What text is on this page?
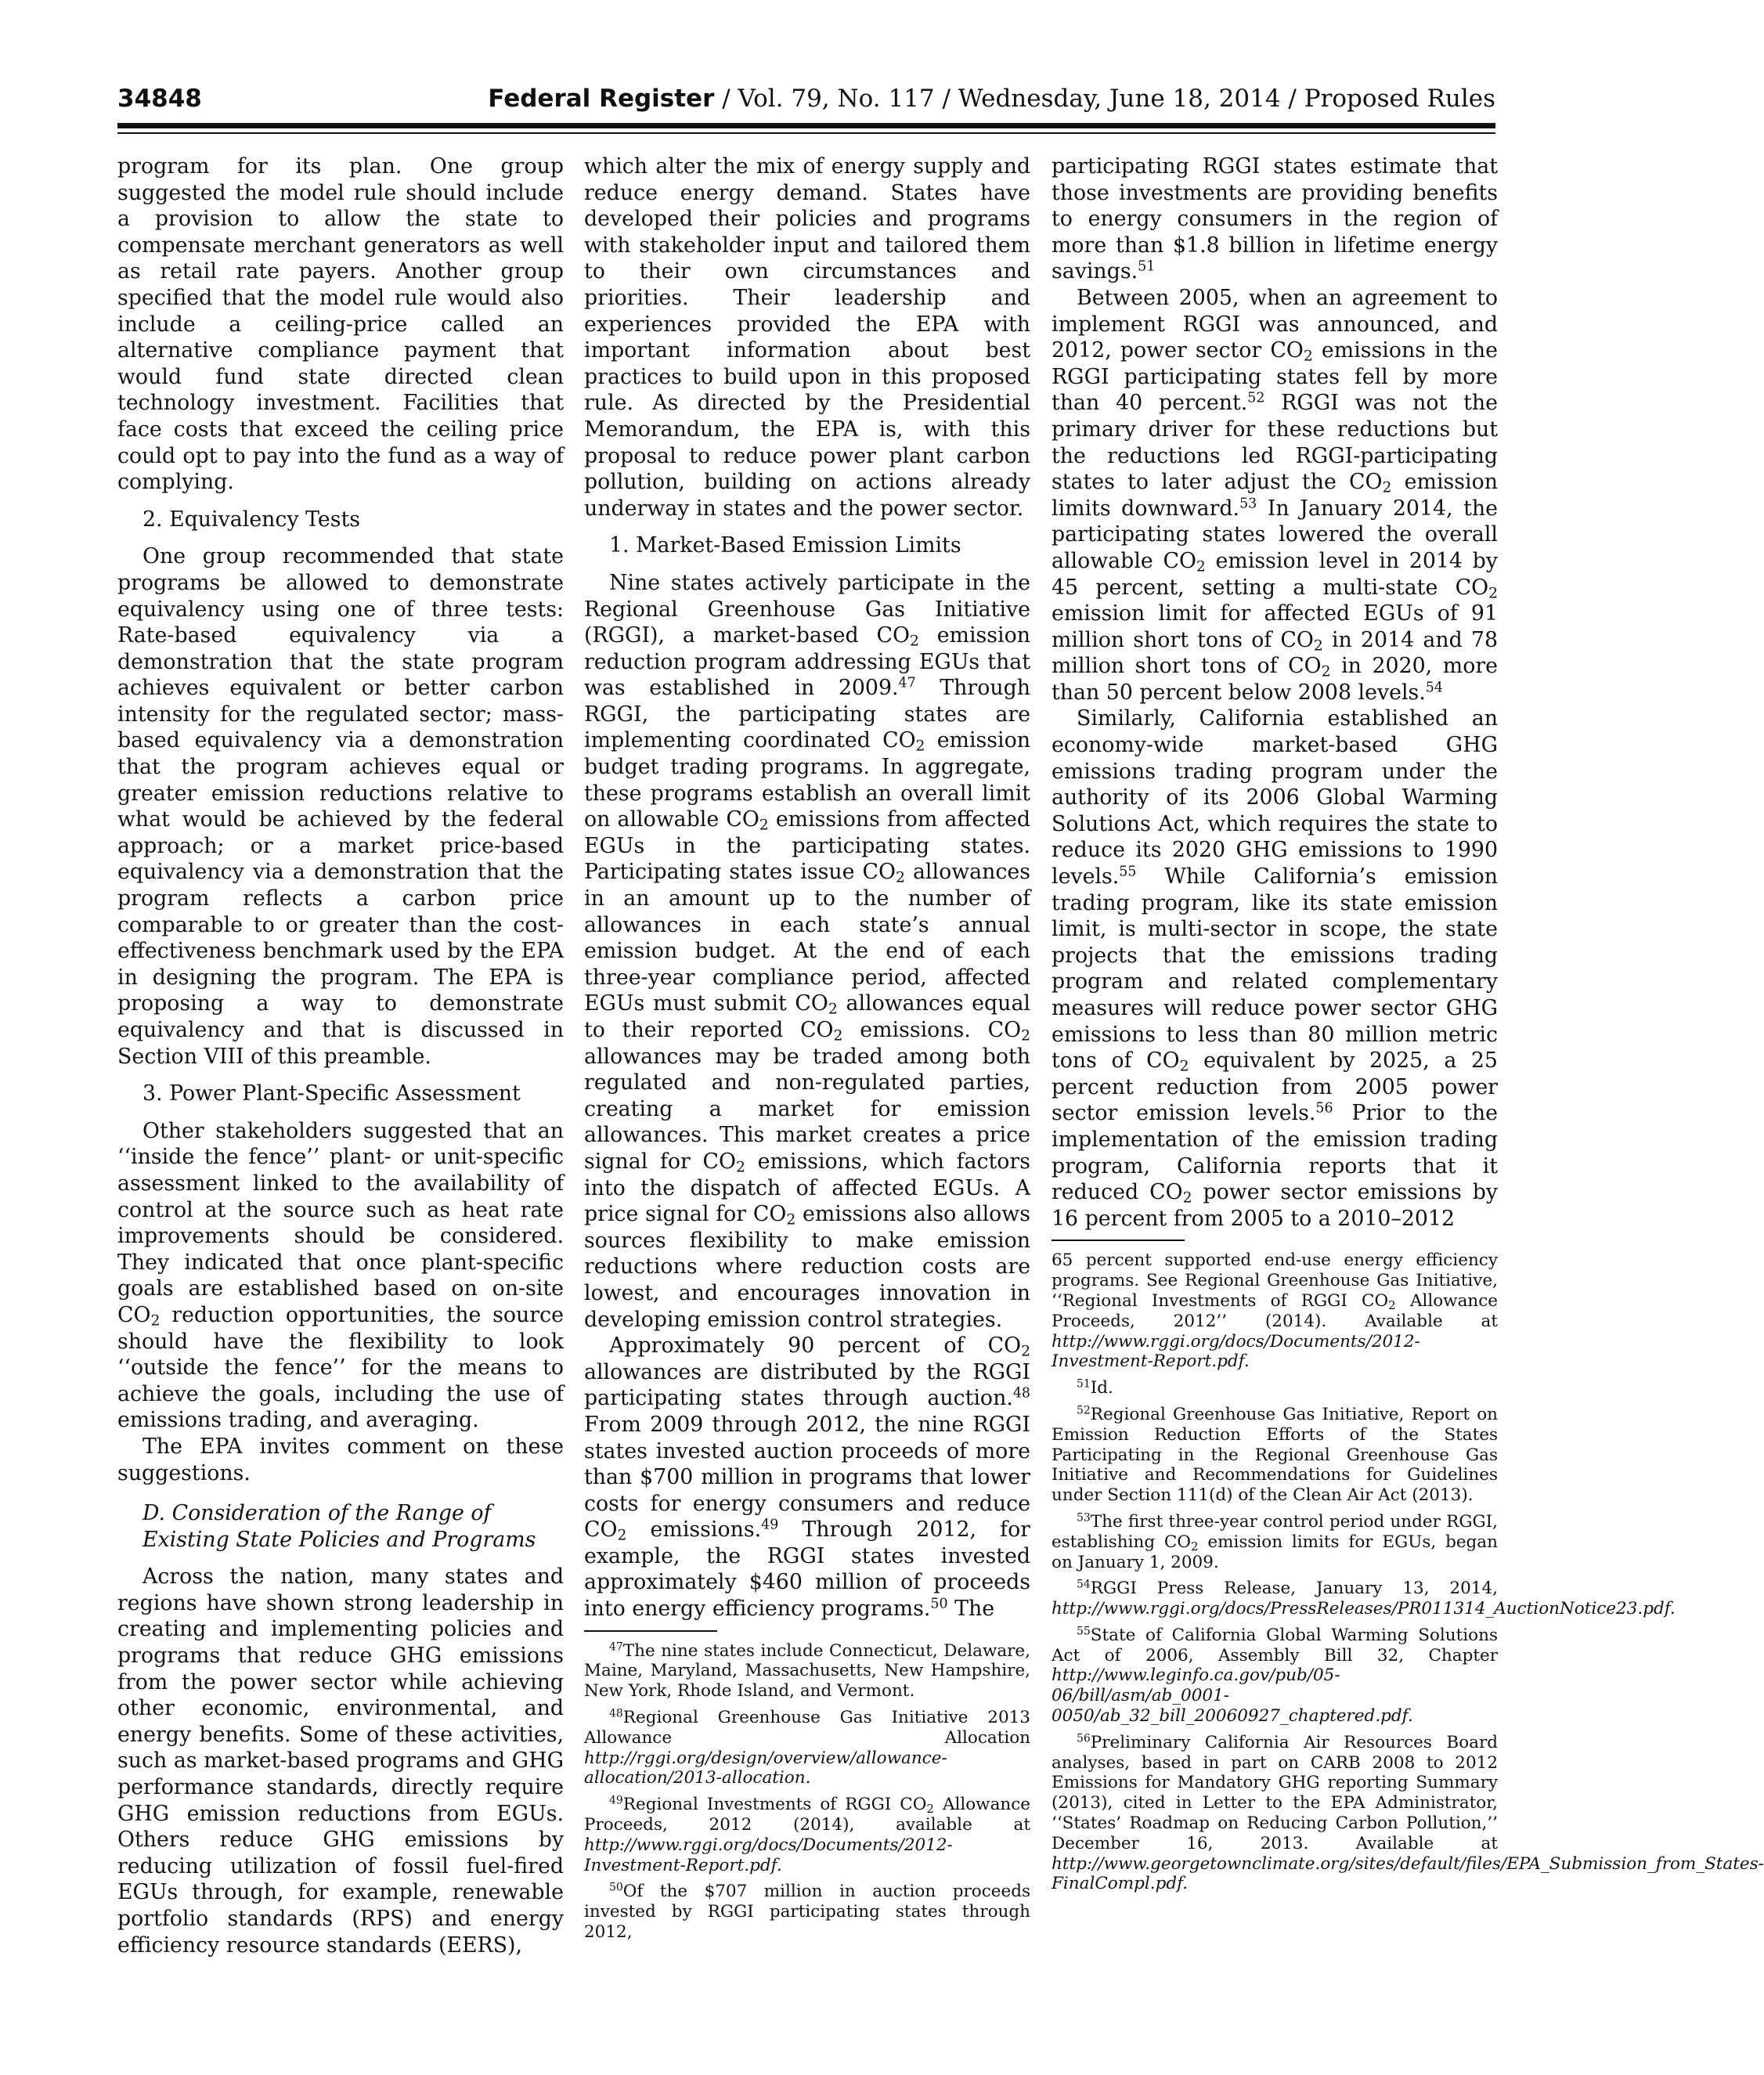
34848	Federal Register / Vol. 79, No. 117 / Wednesday, June 18, 2014 / Proposed Rules

program for its plan. One group suggested the model rule should include a provision to allow the state to compensate merchant generators as well as retail rate payers. Another group specified that the model rule would also include a ceiling-price called an alternative compliance payment that would fund state directed clean technology investment. Facilities that face costs that exceed the ceiling price could opt to pay into the fund as a way of complying.

2. Equivalency Tests

One group recommended that state programs be allowed to demonstrate equivalency using one of three tests: Rate-based equivalency via a demonstration that the state program achieves equivalent or better carbon intensity for the regulated sector; mass-based equivalency via a demonstration that the program achieves equal or greater emission reductions relative to what would be achieved by the federal approach; or a market price-based equivalency via a demonstration that the program reflects a carbon price comparable to or greater than the cost-effectiveness benchmark used by the EPA in designing the program. The EPA is proposing a way to demonstrate equivalency and that is discussed in Section VIII of this preamble.

3. Power Plant-Specific Assessment

Other stakeholders suggested that an ‘‘inside the fence’’ plant- or unit-specific assessment linked to the availability of control at the source such as heat rate improvements should be considered. They indicated that once plant-specific goals are established based on on-site $CO_2$ reduction opportunities, the source should have the flexibility to look ‘‘outside the fence’’ for the means to achieve the goals, including the use of emissions trading, and averaging.

The EPA invites comment on these suggestions.

D. Consideration of the Range of Existing State Policies and Programs

Across the nation, many states and regions have shown strong leadership in creating and implementing policies and programs that reduce GHG emissions from the power sector while achieving other economic, environmental, and energy benefits. Some of these activities, such as market-based programs and GHG performance standards, directly require GHG emission reductions from EGUs. Others reduce GHG emissions by reducing utilization of fossil fuel-fired EGUs through, for example, renewable portfolio standards (RPS) and energy efficiency resource standards (EERS),

which alter the mix of energy supply and reduce energy demand. States have developed their policies and programs with stakeholder input and tailored them to their own circumstances and priorities. Their leadership and experiences provided the EPA with important information about best practices to build upon in this proposed rule. As directed by the Presidential Memorandum, the EPA is, with this proposal to reduce power plant carbon pollution, building on actions already underway in states and the power sector.

1. Market-Based Emission Limits

Nine states actively participate in the Regional Greenhouse Gas Initiative (RGGI), a market-based $CO_2$ emission reduction program addressing EGUs that was established in 2009.47 Through RGGI, the participating states are implementing coordinated $CO_2$ emission budget trading programs. In aggregate, these programs establish an overall limit on allowable $CO_2$ emissions from affected EGUs in the participating states. Participating states issue $CO_2$ allowances in an amount up to the number of allowances in each state’s annual emission budget. At the end of each three-year compliance period, affected EGUs must submit $CO_2$ allowances equal to their reported $CO_2$ emissions. $CO_2$ allowances may be traded among both regulated and non-regulated parties, creating a market for emission allowances. This market creates a price signal for $CO_2$ emissions, which factors into the dispatch of affected EGUs. A price signal for $CO_2$ emissions also allows sources flexibility to make emission reductions where reduction costs are lowest, and encourages innovation in developing emission control strategies.

Approximately 90 percent of $CO_2$ allowances are distributed by the RGGI participating states through auction.$^{48}$ From 2009 through 2012, the nine RGGI states invested auction proceeds of more than $700 million in programs that lower costs for energy consumers and reduce $CO_2$ emissions.$^{49}$ Through 2012, for example, the RGGI states invested approximately $460 million of proceeds into energy efficiency programs.$^{50}$ The

$^{47}$The nine states include Connecticut, Delaware, Maine, Maryland, Massachusetts, New Hampshire, New York, Rhode Island, and Vermont.

$^{48}$Regional Greenhouse Gas Initiative 2013 Allowance Allocation http://rggi.org/design/overview/allowance-allocation/2013-allocation.

$^{49}$Regional Investments of RGGI $CO_2$ Allowance Proceeds, 2012 (2014), available at http://www.rggi.org/docs/Documents/2012-Investment-Report.pdf.

$^{50}$Of the $707 million in auction proceeds invested by RGGI participating states through 2012,

participating RGGI states estimate that those investments are providing benefits to energy consumers in the region of more than $1.8 billion in lifetime energy savings.$^{51}$

Between 2005, when an agreement to implement RGGI was announced, and 2012, power sector $CO_2$ emissions in the RGGI participating states fell by more than 40 percent.$^{52}$ RGGI was not the primary driver for these reductions but the reductions led RGGI-participating states to later adjust the $CO_2$ emission limits downward.$^{53}$ In January 2014, the participating states lowered the overall allowable $CO_2$ emission level in 2014 by 45 percent, setting a multi-state $CO_2$ emission limit for affected EGUs of 91 million short tons of $CO_2$ in 2014 and 78 million short tons of $CO_2$ in 2020, more than 50 percent below 2008 levels.$^{54}$

Similarly, California established an economy-wide market-based GHG emissions trading program under the authority of its 2006 Global Warming Solutions Act, which requires the state to reduce its 2020 GHG emissions to 1990 levels.$^{55}$ While California’s emission trading program, like its state emission limit, is multi-sector in scope, the state projects that the emissions trading program and related complementary measures will reduce power sector GHG emissions to less than 80 million metric tons of $CO_2$ equivalent by 2025, a 25 percent reduction from 2005 power sector emission levels.$^{56}$ Prior to the implementation of the emission trading program, California reports that it reduced $CO_2$ power sector emissions by 16 percent from 2005 to a 2010–2012

65 percent supported end-use energy efficiency programs. See Regional Greenhouse Gas Initiative, ‘‘Regional Investments of RGGI $CO_2$ Allowance Proceeds, 2012’’ (2014). Available at http://www.rggi.org/docs/Documents/2012-Investment-Report.pdf.

$^{51}$Id.

$^{52}$Regional Greenhouse Gas Initiative, Report on Emission Reduction Efforts of the States Participating in the Regional Greenhouse Gas Initiative and Recommendations for Guidelines under Section 111(d) of the Clean Air Act (2013).

$^{53}$The first three-year control period under RGGI, establishing $CO_2$ emission limits for EGUs, began on January 1, 2009.

$^{54}$RGGI Press Release, January 13, 2014, http://www.rggi.org/docs/PressReleases/PR011314_AuctionNotice23.pdf.

$^{55}$State of California Global Warming Solutions Act of 2006, Assembly Bill 32, Chapter http://www.leginfo.ca.gov/pub/05-06/bill/asm/ab_0001-0050/ab_32_bill_20060927_chaptered.pdf.

$^{56}$Preliminary California Air Resources Board analyses, based in part on CARB 2008 to 2012 Emissions for Mandatory GHG reporting Summary (2013), cited in Letter to the EPA Administrator, ‘‘States’ Roadmap on Reducing Carbon Pollution,’’ December 16, 2013. Available at http://www.georgetownclimate.org/sites/default/files/EPA_Submission_from_States-FinalCompl.pdf.
